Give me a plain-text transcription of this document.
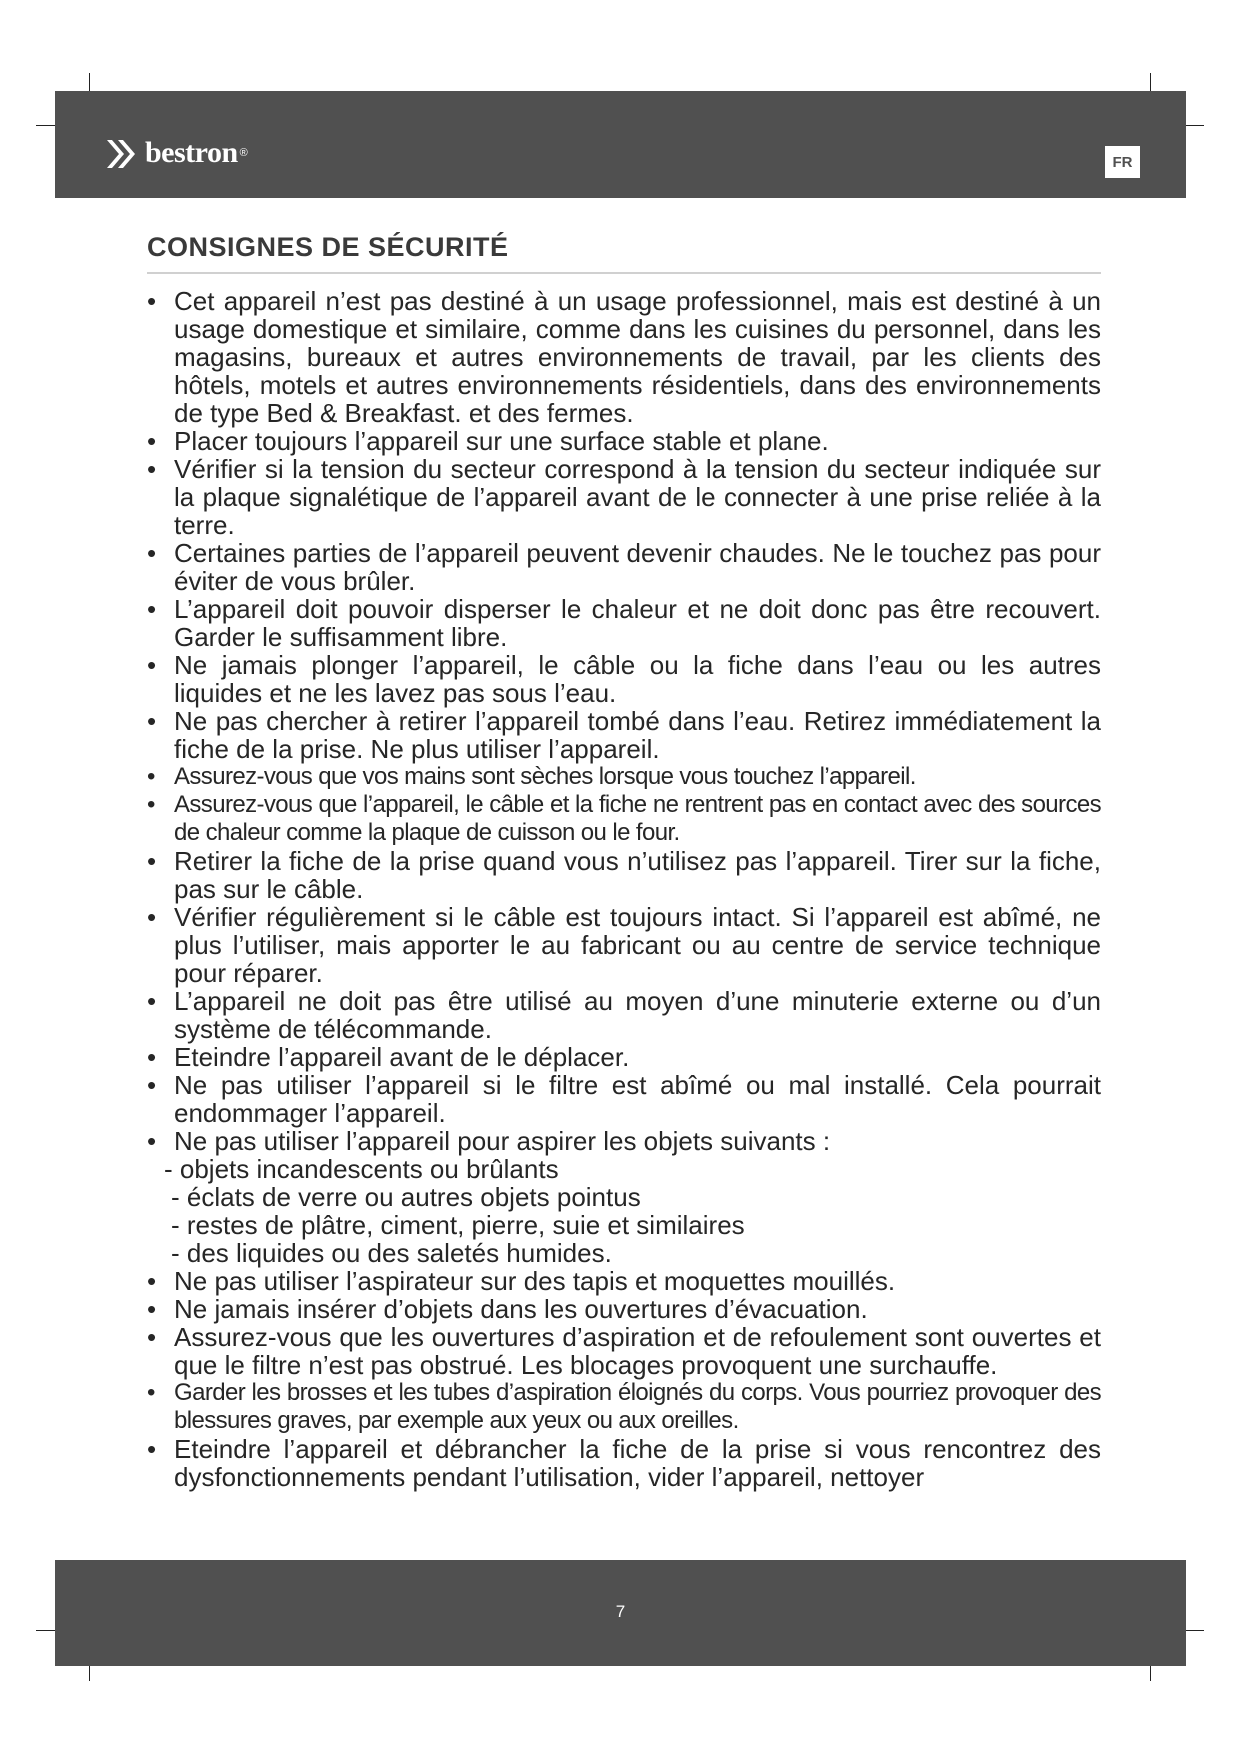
bestron ®
FR
CONSIGNES DE SÉCURITÉ
• Cet appareil n’est pas destiné à un usage professionnel, mais est destiné à un usage domestique et similaire, comme dans les cuisines du personnel, dans les magasins, bureaux et autres environnements de travail, par les clients des hôtels, motels et autres environnements résidentiels, dans des environnements de type Bed & Breakfast. et des fermes.
• Placer toujours l’appareil sur une surface stable et plane.
• Vérifier si la tension du secteur correspond à la tension du secteur indiquée sur la plaque signalétique de l’appareil avant de le connecter à une prise reliée à la terre.
• Certaines parties de l’appareil peuvent devenir chaudes. Ne le touchez pas pour éviter de vous brûler.
• L’appareil doit pouvoir disperser le chaleur et ne doit donc pas être recouvert. Garder le suffisamment libre.
• Ne jamais plonger l’appareil, le câble ou la fiche dans l’eau ou les autres liquides et ne les lavez pas sous l’eau.
• Ne pas chercher à retirer l’appareil tombé dans l’eau. Retirez immédiatement la fiche de la prise. Ne plus utiliser l’appareil.
• Assurez-vous que vos mains sont sèches lorsque vous touchez l’appareil.
• Assurez-vous que l’appareil, le câble et la fiche ne rentrent pas en contact avec des sources de chaleur comme la plaque de cuisson ou le four.
• Retirer la fiche de la prise quand vous n’utilisez pas l’appareil. Tirer sur la fiche, pas sur le câble.
• Vérifier régulièrement si le câble est toujours intact. Si l’appareil est abîmé, ne plus l’utiliser, mais apporter le au fabricant ou au centre de service technique pour réparer.
• L’appareil ne doit pas être utilisé au moyen d’une minuterie externe ou d’un système de télécommande.
• Eteindre l’appareil avant de le déplacer.
• Ne pas utiliser l’appareil si le filtre est abîmé ou mal installé. Cela pourrait endommager l’appareil.
• Ne pas utiliser l’appareil pour aspirer les objets suivants :
- objets incandescents ou brûlants
- éclats de verre ou autres objets pointus
- restes de plâtre, ciment, pierre, suie et similaires
- des liquides ou des saletés humides.
• Ne pas utiliser l’aspirateur sur des tapis et moquettes mouillés.
• Ne jamais insérer d’objets dans les ouvertures d’évacuation.
• Assurez-vous que les ouvertures d’aspiration et de refoulement sont ouvertes et que le filtre n’est pas obstrué. Les blocages provoquent une surchauffe.
• Garder les brosses et les tubes d’aspiration éloignés du corps. Vous pourriez provoquer des blessures graves, par exemple aux yeux ou aux oreilles.
• Eteindre l’appareil et débrancher la fiche de la prise si vous rencontrez des dysfonctionnements pendant l’utilisation, vider l’appareil, nettoyer
7
